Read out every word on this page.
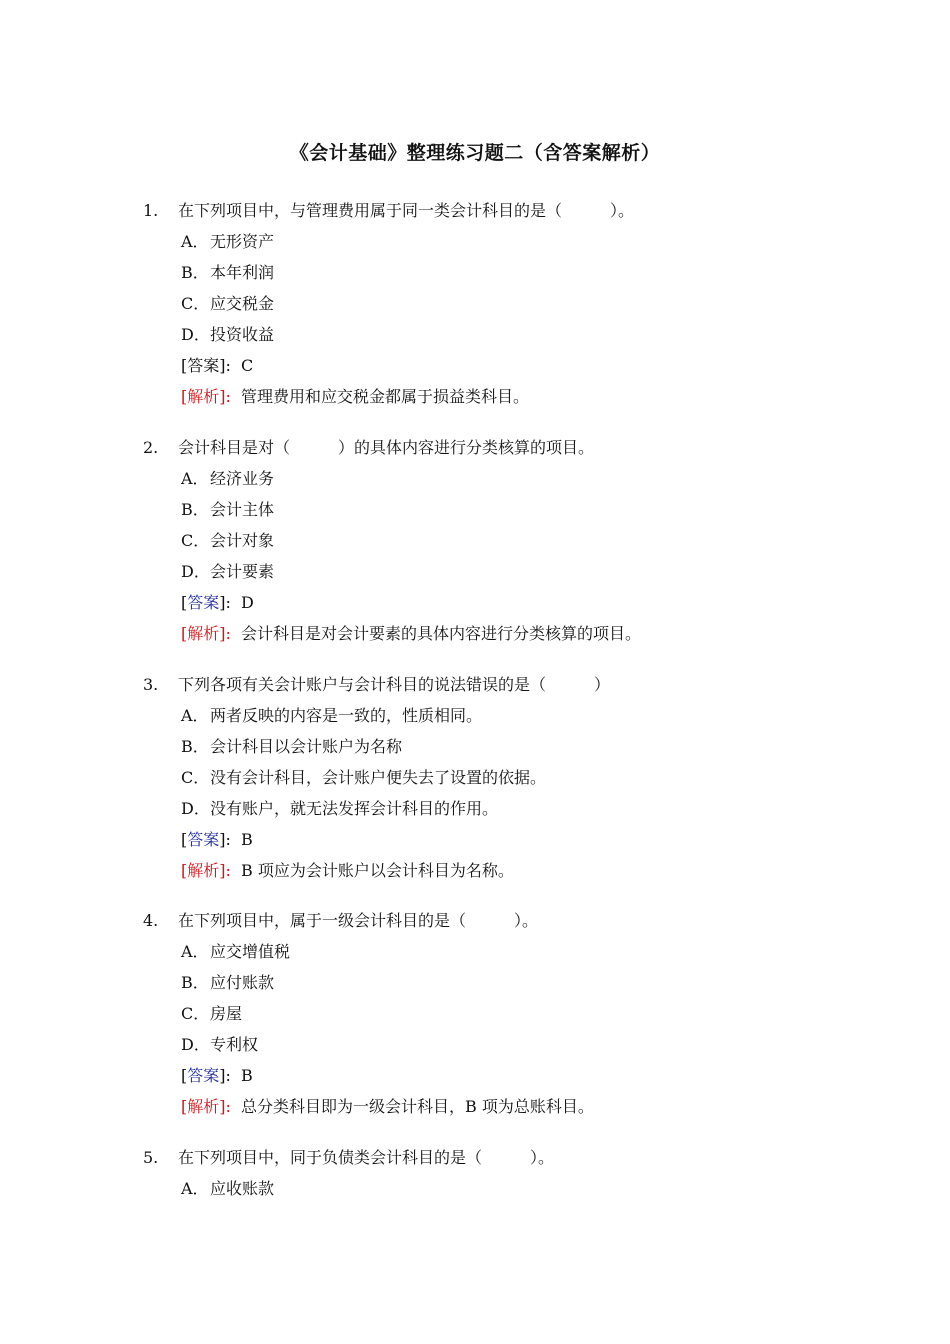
《会计基础》整理练习题二（含答案解析）
1. 在下列项目中，与管理费用属于同一类会计科目的是（　　　）。
A． 无形资产
B． 本年利润
C． 应交税金
D． 投资收益
[答案]: C
[解析]: 管理费用和应交税金都属于损益类科目。
2. 会计科目是对（　　　）的具体内容进行分类核算的项目。
A． 经济业务
B． 会计主体
C． 会计对象
D． 会计要素
[答案]: D
[解析]: 会计科目是对会计要素的具体内容进行分类核算的项目。
3. 下列各项有关会计账户与会计科目的说法错误的是（　　　）
A． 两者反映的内容是一致的，性质相同。
B． 会计科目以会计账户为名称
C． 没有会计科目，会计账户便失去了设置的依据。
D． 没有账户，就无法发挥会计科目的作用。
[答案]: B
[解析]: B 项应为会计账户以会计科目为名称。
4. 在下列项目中，属于一级会计科目的是（　　　）。
A． 应交增值税
B． 应付账款
C． 房屋
D． 专利权
[答案]: B
[解析]: 总分类科目即为一级会计科目，B 项为总账科目。
5. 在下列项目中，同于负债类会计科目的是（　　　）。
A． 应收账款
